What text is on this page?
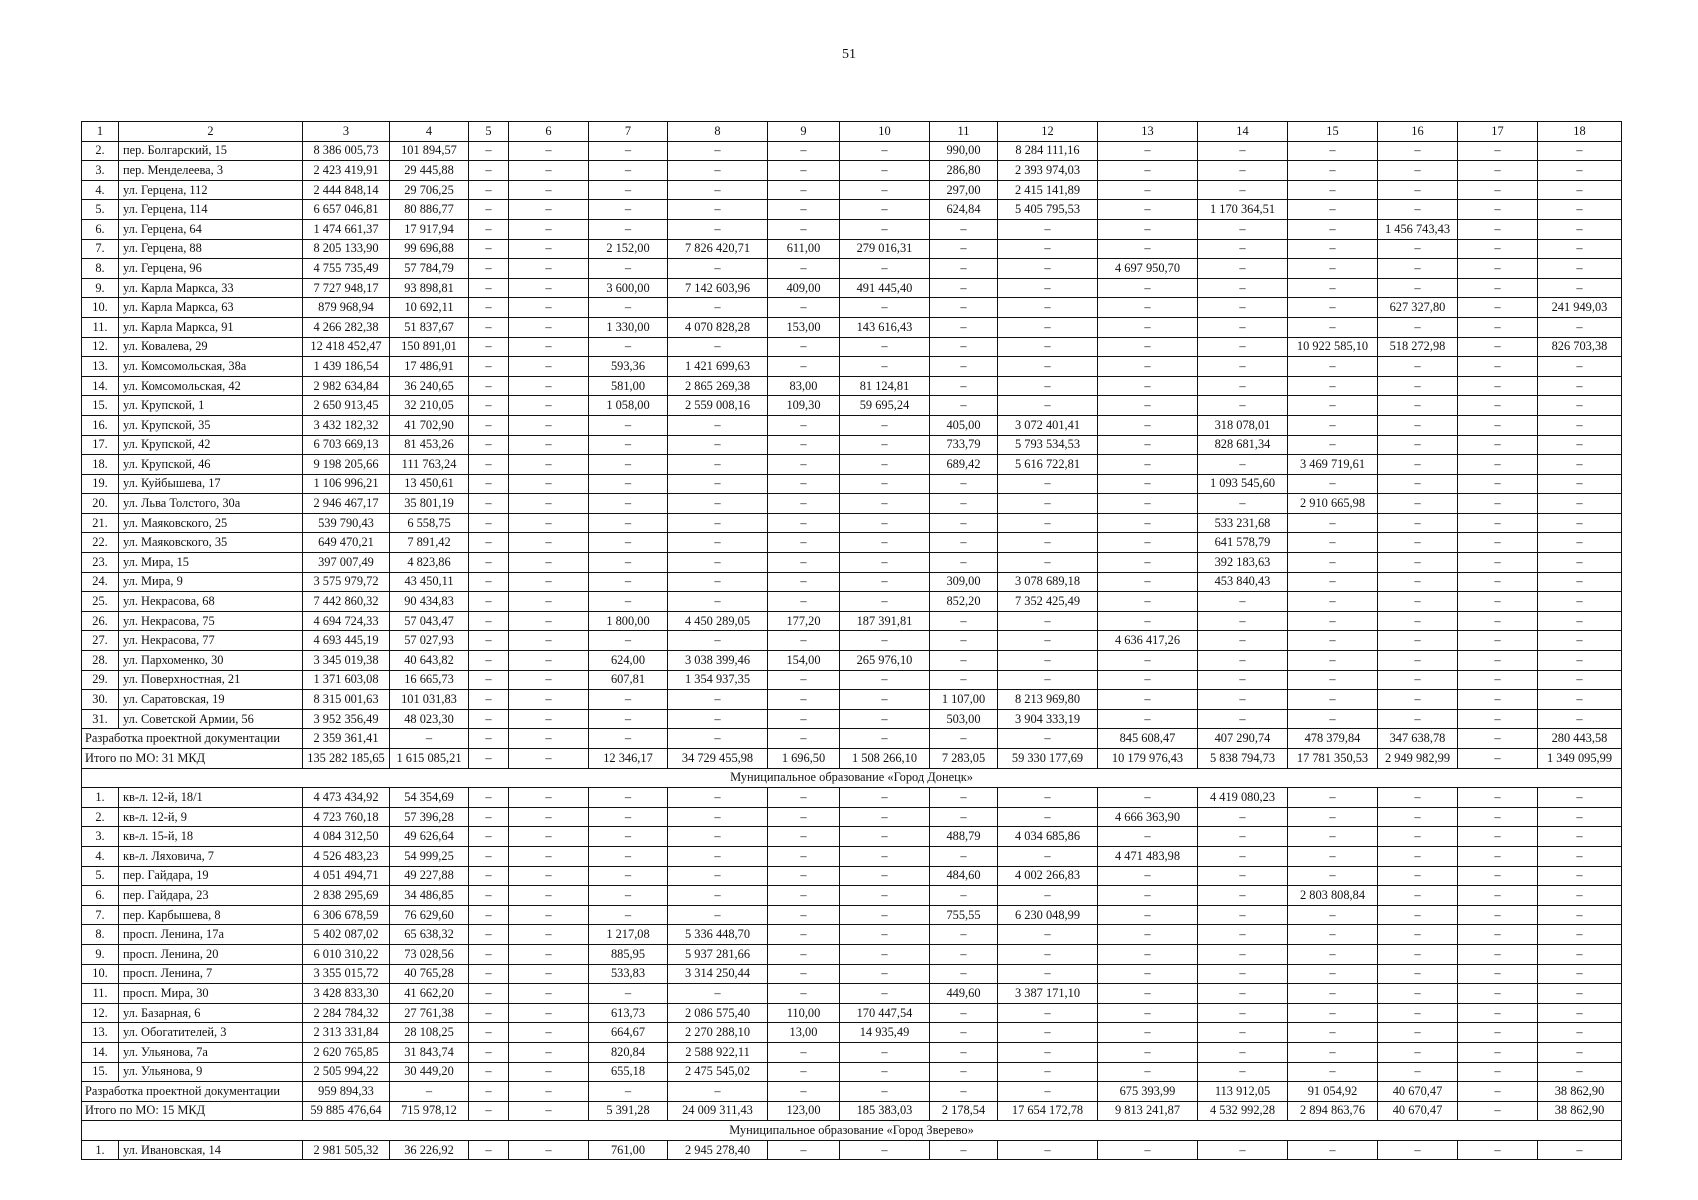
51
1	2	3	4	5	6	7	8	9	10	11	12	13	14	15	16	17	18
2.	пер. Болгарский, 15	8 386 005,73	101 894,57	–	–	–	–	–	–	990,00	8 284 111,16	–	–	–	–	–	–
3.	пер. Менделеева, 3	2 423 419,91	29 445,88	–	–	–	–	–	–	286,80	2 393 974,03	–	–	–	–	–	–
4.	ул. Герцена, 112	2 444 848,14	29 706,25	–	–	–	–	–	–	297,00	2 415 141,89	–	–	–	–	–	–
5.	ул. Герцена, 114	6 657 046,81	80 886,77	–	–	–	–	–	–	624,84	5 405 795,53	–	1 170 364,51	–	–	–	–
6.	ул. Герцена, 64	1 474 661,37	17 917,94	–	–	–	–	–	–	–	–	–	–	–	1 456 743,43	–	–
7.	ул. Герцена, 88	8 205 133,90	99 696,88	–	–	2 152,00	7 826 420,71	611,00	279 016,31	–	–	–	–	–	–	–	–
8.	ул. Герцена, 96	4 755 735,49	57 784,79	–	–	–	–	–	–	–	–	4 697 950,70	–	–	–	–	–
9.	ул. Карла Маркса, 33	7 727 948,17	93 898,81	–	–	3 600,00	7 142 603,96	409,00	491 445,40	–	–	–	–	–	–	–	–
10.	ул. Карла Маркса, 63	879 968,94	10 692,11	–	–	–	–	–	–	–	–	–	–	–	627 327,80	–	241 949,03
11.	ул. Карла Маркса, 91	4 266 282,38	51 837,67	–	–	1 330,00	4 070 828,28	153,00	143 616,43	–	–	–	–	–	–	–	–
12.	ул. Ковалева, 29	12 418 452,47	150 891,01	–	–	–	–	–	–	–	–	–	–	10 922 585,10	518 272,98	–	826 703,38
13.	ул. Комсомольская, 38а	1 439 186,54	17 486,91	–	–	593,36	1 421 699,63	–	–	–	–	–	–	–	–	–	–
14.	ул. Комсомольская, 42	2 982 634,84	36 240,65	–	–	581,00	2 865 269,38	83,00	81 124,81	–	–	–	–	–	–	–	–
15.	ул. Крупской, 1	2 650 913,45	32 210,05	–	–	1 058,00	2 559 008,16	109,30	59 695,24	–	–	–	–	–	–	–	–
16.	ул. Крупской, 35	3 432 182,32	41 702,90	–	–	–	–	–	–	405,00	3 072 401,41	–	318 078,01	–	–	–	–
17.	ул. Крупской, 42	6 703 669,13	81 453,26	–	–	–	–	–	–	733,79	5 793 534,53	–	828 681,34	–	–	–	–
18.	ул. Крупской, 46	9 198 205,66	111 763,24	–	–	–	–	–	–	689,42	5 616 722,81	–	–	3 469 719,61	–	–	–
19.	ул. Куйбышева, 17	1 106 996,21	13 450,61	–	–	–	–	–	–	–	–	–	1 093 545,60	–	–	–	–
20.	ул. Льва Толстого, 30а	2 946 467,17	35 801,19	–	–	–	–	–	–	–	–	–	–	2 910 665,98	–	–	–
21.	ул. Маяковского, 25	539 790,43	6 558,75	–	–	–	–	–	–	–	–	–	533 231,68	–	–	–	–
22.	ул. Маяковского, 35	649 470,21	7 891,42	–	–	–	–	–	–	–	–	–	641 578,79	–	–	–	–
23.	ул. Мира, 15	397 007,49	4 823,86	–	–	–	–	–	–	–	–	–	392 183,63	–	–	–	–
24.	ул. Мира, 9	3 575 979,72	43 450,11	–	–	–	–	–	–	309,00	3 078 689,18	–	453 840,43	–	–	–	–
25.	ул. Некрасова, 68	7 442 860,32	90 434,83	–	–	–	–	–	–	852,20	7 352 425,49	–	–	–	–	–	–
26.	ул. Некрасова, 75	4 694 724,33	57 043,47	–	–	1 800,00	4 450 289,05	177,20	187 391,81	–	–	–	–	–	–	–	–
27.	ул. Некрасова, 77	4 693 445,19	57 027,93	–	–	–	–	–	–	–	–	4 636 417,26	–	–	–	–	–
28.	ул. Пархоменко, 30	3 345 019,38	40 643,82	–	–	624,00	3 038 399,46	154,00	265 976,10	–	–	–	–	–	–	–	–
29.	ул. Поверхностная, 21	1 371 603,08	16 665,73	–	–	607,81	1 354 937,35	–	–	–	–	–	–	–	–	–	–
30.	ул. Саратовская, 19	8 315 001,63	101 031,83	–	–	–	–	–	–	1 107,00	8 213 969,80	–	–	–	–	–	–
31.	ул. Советской Армии, 56	3 952 356,49	48 023,30	–	–	–	–	–	–	503,00	3 904 333,19	–	–	–	–	–	–
Разработка проектной документации		2 359 361,41	–	–	–	–	–	–	–	–	–	845 608,47	407 290,74	478 379,84	347 638,78	–	280 443,58
Итого по МО: 31 МКД		135 282 185,65	1 615 085,21	–	–	12 346,17	34 729 455,98	1 696,50	1 508 266,10	7 283,05	59 330 177,69	10 179 976,43	5 838 794,73	17 781 350,53	2 949 982,99	–	1 349 095,99
Муниципальное образование «Город Донецк»																	
1.	кв-л. 12-й, 18/1	4 473 434,92	54 354,69	–	–	–	–	–	–	–	–	–	4 419 080,23	–	–	–	–
2.	кв-л. 12-й, 9	4 723 760,18	57 396,28	–	–	–	–	–	–	–	–	4 666 363,90	–	–	–	–	–
3.	кв-л. 15-й, 18	4 084 312,50	49 626,64	–	–	–	–	–	–	488,79	4 034 685,86	–	–	–	–	–	–
4.	кв-л. Ляховича, 7	4 526 483,23	54 999,25	–	–	–	–	–	–	–	–	4 471 483,98	–	–	–	–	–
5.	пер. Гайдара, 19	4 051 494,71	49 227,88	–	–	–	–	–	–	484,60	4 002 266,83	–	–	–	–	–	–
6.	пер. Гайдара, 23	2 838 295,69	34 486,85	–	–	–	–	–	–	–	–	–	–	2 803 808,84	–	–	–
7.	пер. Карбышева, 8	6 306 678,59	76 629,60	–	–	–	–	–	–	755,55	6 230 048,99	–	–	–	–	–	–
8.	просп. Ленина, 17а	5 402 087,02	65 638,32	–	–	1 217,08	5 336 448,70	–	–	–	–	–	–	–	–	–	–
9.	просп. Ленина, 20	6 010 310,22	73 028,56	–	–	885,95	5 937 281,66	–	–	–	–	–	–	–	–	–	–
10.	просп. Ленина, 7	3 355 015,72	40 765,28	–	–	533,83	3 314 250,44	–	–	–	–	–	–	–	–	–	–
11.	просп. Мира, 30	3 428 833,30	41 662,20	–	–	–	–	–	–	449,60	3 387 171,10	–	–	–	–	–	–
12.	ул. Базарная, 6	2 284 784,32	27 761,38	–	–	613,73	2 086 575,40	110,00	170 447,54	–	–	–	–	–	–	–	–
13.	ул. Обогатителей, 3	2 313 331,84	28 108,25	–	–	664,67	2 270 288,10	13,00	14 935,49	–	–	–	–	–	–	–	–
14.	ул. Ульянова, 7а	2 620 765,85	31 843,74	–	–	820,84	2 588 922,11	–	–	–	–	–	–	–	–	–	–
15.	ул. Ульянова, 9	2 505 994,22	30 449,20	–	–	655,18	2 475 545,02	–	–	–	–	–	–	–	–	–	–
Разработка проектной документации		959 894,33	–	–	–	–	–	–	–	–	–	675 393,99	113 912,05	91 054,92	40 670,47	–	38 862,90
Итого по МО: 15 МКД		59 885 476,64	715 978,12	–	–	5 391,28	24 009 311,43	123,00	185 383,03	2 178,54	17 654 172,78	9 813 241,87	4 532 992,28	2 894 863,76	40 670,47	–	38 862,90
Муниципальное образование «Город Зверево»																	
1.	ул. Ивановская, 14	2 981 505,32	36 226,92	–	–	761,00	2 945 278,40	–	–	–	–	–	–	–	–	–	–
